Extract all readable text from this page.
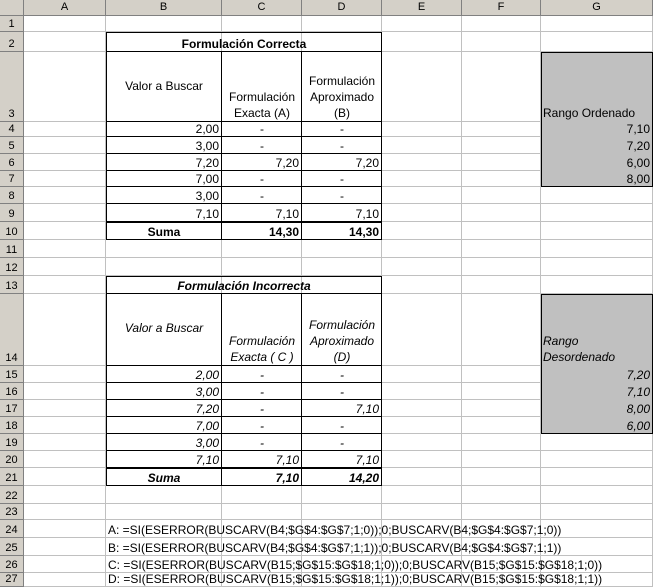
A	B	C	D	E	F	G
1
2
3
4
5
6
7
8
9
10
11
12
13
14
15
16
17
18
19
20
21
22
23
24
25
26
27
Formulación Correcta
Valor a Buscar
Formulación Exacta (A)
Formulación Aproximado (B)
2,00	-	-
3,00	-	-
7,20	7,20	7,20
7,00	-	-
3,00	-	-
7,10	7,10	7,10
Suma	14,30	14,30
Rango Ordenado
7,10
7,20
6,00
8,00
Formulación Incorrecta
Valor a Buscar
Formulación Exacta ( C )
Formulación Aproximado (D)
2,00	-	-
3,00	-	-
7,20	-	7,10
7,00	-	-
3,00	-	-
7,10	7,10	7,10
Suma	7,10	14,20
Rango Desordenado
7,20
7,10
8,00
6,00
A: =SI(ESERROR(BUSCARV(B4;$G$4:$G$7;1;0));0;BUSCARV(B4;$G$4:$G$7;1;0))
B: =SI(ESERROR(BUSCARV(B4;$G$4:$G$7;1;1));0;BUSCARV(B4;$G$4:$G$7;1;1))
C: =SI(ESERROR(BUSCARV(B15;$G$15:$G$18;1;0));0;BUSCARV(B15;$G$15:$G$18;1;0))
D: =SI(ESERROR(BUSCARV(B15;$G$15:$G$18;1;1));0;BUSCARV(B15;$G$15:$G$18;1;1))
